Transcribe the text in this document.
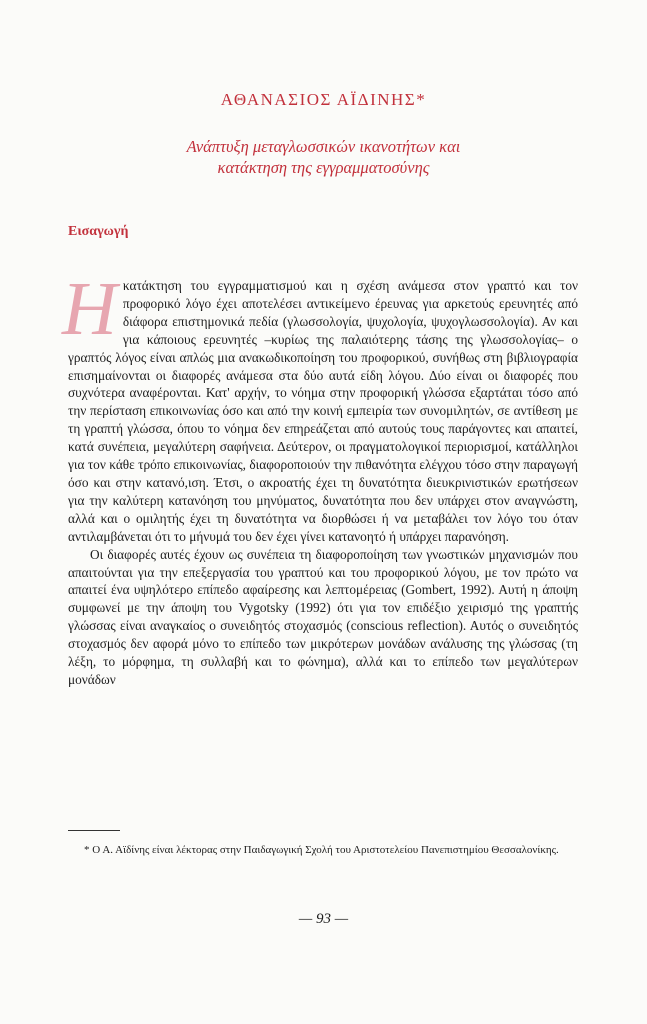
ΑΘΑΝΑΣΙΟΣ ΑΪΔΙΝΗΣ*
Ανάπτυξη μεταγλωσσικών ικανοτήτων και
κατάκτηση της εγγραμματοσύνης
Εισαγωγή

Ηκατάκτηση του εγγραμματισμού και η σχέση ανάμεσα στον γραπτό και τον προφορικό λόγο έχει αποτελέσει αντικείμενο έρευνας για αρκετούς ερευνητές από διάφορα επιστημονικά πεδία (γλωσσολογία, ψυχολογία, ψυχογλωσσολογία). Αν και για κάποιους ερευνητές –κυρίως της παλαιότερης τάσης της γλωσσολογίας– ο γραπτός λόγος είναι απλώς μια ανακωδικοποίηση του προφορικού, συνήθως στη βιβλιογραφία επισημαίνονται οι διαφορές ανάμεσα στα δύο αυτά είδη λόγου. Δύο είναι οι διαφορές που συχνότερα αναφέρονται. Κατ' αρχήν, το νόημα στην προφορική γλώσσα εξαρτάται τόσο από την περίσταση επικοινωνίας όσο και από την κοινή εμπειρία των συνομιλητών, σε αντίθεση με τη γραπτή γλώσσα, όπου το νόημα δεν επηρεάζεται από αυτούς τους παράγοντες και απαιτεί, κατά συνέπεια, μεγαλύτερη σαφήνεια. Δεύτερον, οι πραγματολογικοί περιορισμοί, κατάλληλοι για τον κάθε τρόπο επικοινωνίας, διαφοροποιούν την πιθανότητα ελέγχου τόσο στην παραγωγή όσο και στην κατανό,ιση. Έτσι, ο ακροατής έχει τη δυνατότητα διευκρινιστικών ερωτήσεων για την καλύτερη κατανόηση του μηνύματος, δυνατότητα που δεν υπάρχει στον αναγνώστη, αλλά και ο ομιλητής έχει τη δυνατότητα να διορθώσει ή να μεταβάλει τον λόγο του όταν αντιλαμβάνεται ότι το μήνυμά του δεν έχει γίνει κατανοητό ή υπάρχει παρανόηση.

Οι διαφορές αυτές έχουν ως συνέπεια τη διαφοροποίηση των γνωστικών μηχανισμών που απαιτούνται για την επεξεργασία του γραπτού και του προφορικού λόγου, με τον πρώτο να απαιτεί ένα υψηλότερο επίπεδο αφαίρεσης και λεπτομέρειας (Gombert, 1992). Αυτή η άποψη συμφωνεί με την άποψη του Vygotsky (1992) ότι για τον επιδέξιο χειρισμό της γραπτής γλώσσας είναι αναγκαίος ο συνειδητός στοχασμός (conscious reflection). Αυτός ο συνειδητός στοχασμός δεν αφορά μόνο το επίπεδο των μικρότερων μονάδων ανάλυσης της γλώσσας (τη λέξη, το μόρφημα, τη συλλαβή και το φώνημα), αλλά και το επίπεδο των μεγαλύτερων μονάδων

* Ο Α. Αϊδίνης είναι λέκτορας στην Παιδαγωγική Σχολή του Αριστοτελείου Πανεπιστημίου Θεσσαλονίκης.

— 93 —
